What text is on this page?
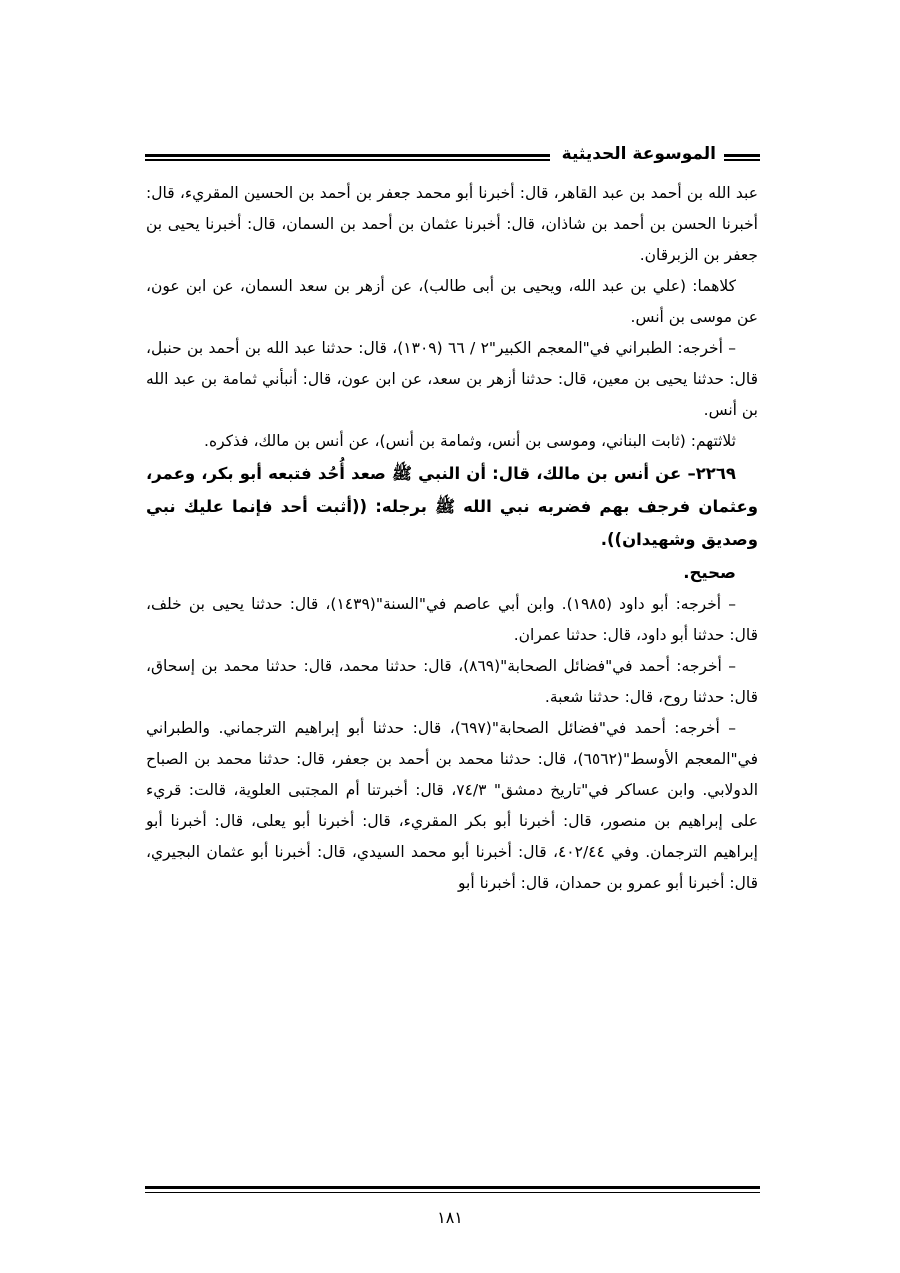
الموسوعة الحديثية

عبد الله بن أحمد بن عبد القاهر، قال: أخبرنا أبو محمد جعفر بن أحمد بن الحسين المقريء، قال: أخبرنا الحسن بن أحمد بن شاذان، قال: أخبرنا عثمان بن أحمد بن السمان، قال: أخبرنا يحيى بن جعفر بن الزبرقان.

كلاهما: (علي بن عبد الله، ويحيى بن أبى طالب)، عن أزهر بن سعد السمان، عن ابن عون، عن موسى بن أنس.

– أخرجه: الطبراني في"المعجم الكبير"٢ / ٦٦ (١٣٠٩)، قال: حدثنا عبد الله بن أحمد بن حنبل، قال: حدثنا يحيى بن معين، قال: حدثنا أزهر بن سعد، عن ابن عون، قال: أنبأني ثمامة بن عبد الله بن أنس.

ثلاثتهم: (ثابت البناني، وموسى بن أنس، وثمامة بن أنس)، عن أنس بن مالك، فذكره.

٢٢٦٩– عن أنس بن مالك، قال: أن النبي ﷺ صعد أُحُد فتبعه أبو بكر، وعمر، وعثمان فرجف بهم فضربه نبي الله ﷺ برجله: ((أثبت أحد فإنما عليك نبي وصديق وشهيدان)).

صحيح.

– أخرجه: أبو داود (١٩٨٥). وابن أبي عاصم في"السنة"(١٤٣٩)، قال: حدثنا يحيى بن خلف، قال: حدثنا أبو داود، قال: حدثنا عمران.

– أخرجه: أحمد في"فضائل الصحابة"(٨٦٩)، قال: حدثنا محمد، قال: حدثنا محمد بن إسحاق، قال: حدثنا روح، قال: حدثنا شعبة.

– أخرجه: أحمد في"فضائل الصحابة"(٦٩٧)، قال: حدثنا أبو إبراهيم الترجماني. والطبراني في"المعجم الأوسط"(٦٥٦٢)، قال: حدثنا محمد بن أحمد بن جعفر، قال: حدثنا محمد بن الصباح الدولابي. وابن عساكر في"تاريخ دمشق" ٧٤/٣، قال: أخبرتنا أم المجتبى العلوية، قالت: قريء على إبراهيم بن منصور، قال: أخبرنا أبو بكر المقريء، قال: أخبرنا أبو يعلى، قال: أخبرنا أبو إبراهيم الترجمان. وفي ٤٠٢/٤٤، قال: أخبرنا أبو محمد السيدي، قال: أخبرنا أبو عثمان البجيري، قال: أخبرنا أبو عمرو بن حمدان، قال: أخبرنا أبو

١٨١
